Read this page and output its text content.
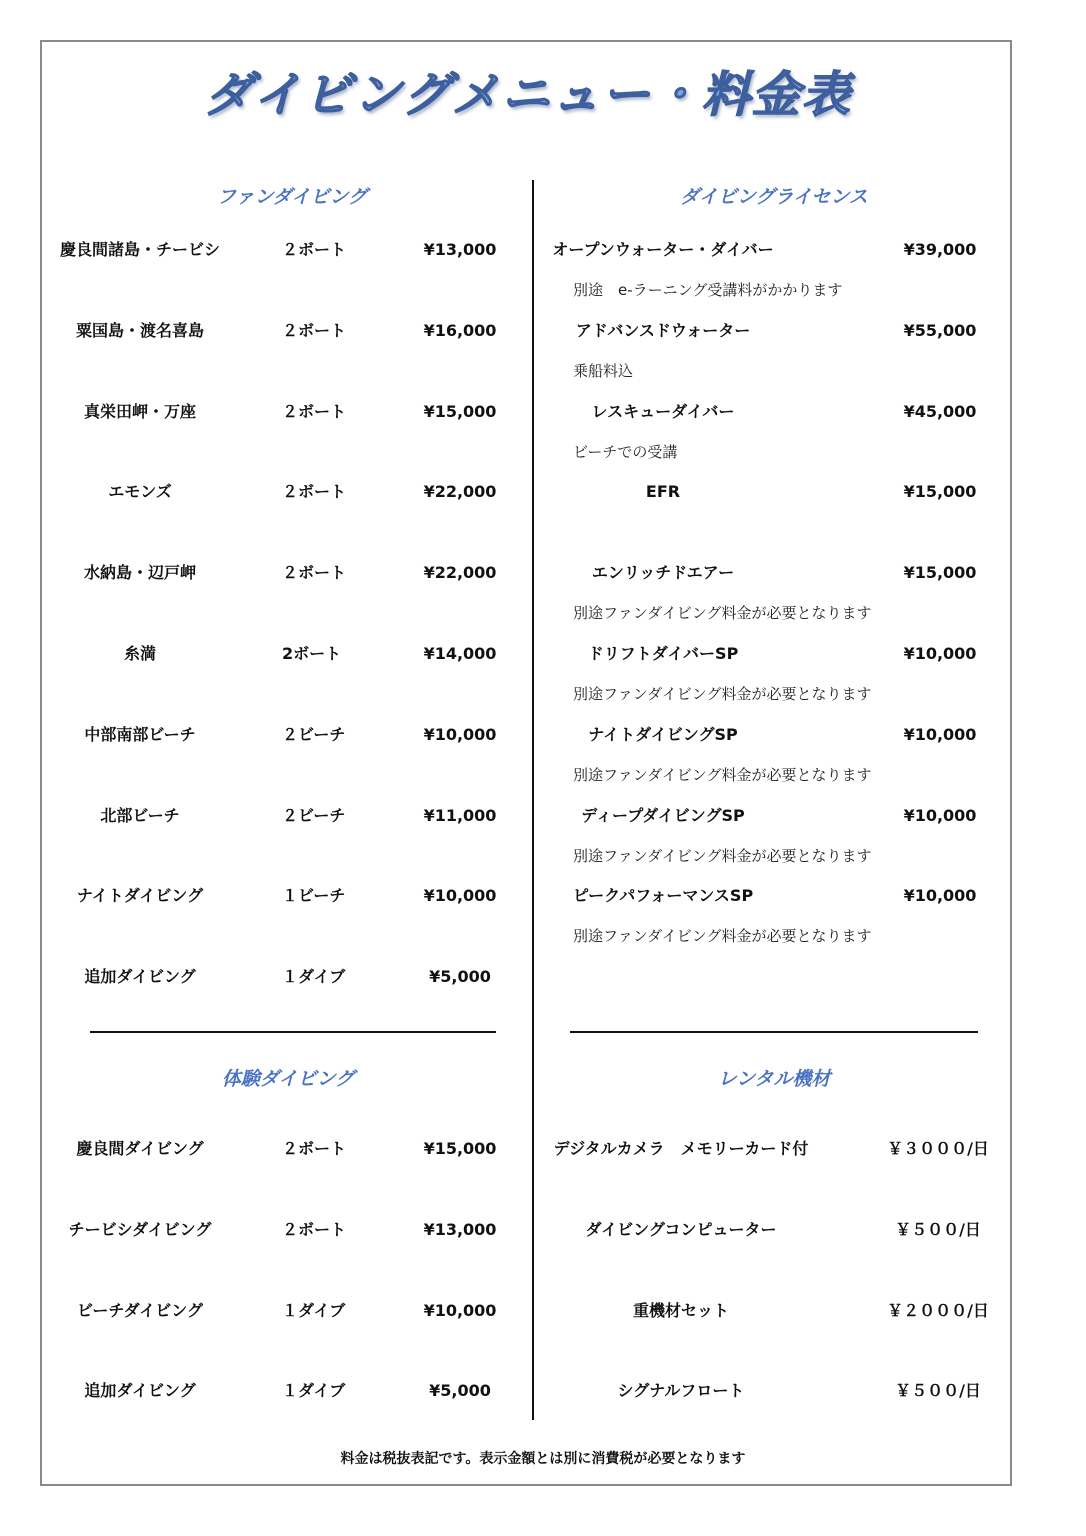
ダイビングメニュー・料金表
ファンダイビング
慶良間諸島・チービシ	２ボート	¥13,000
粟国島・渡名喜島	２ボート	¥16,000
真栄田岬・万座	２ボート	¥15,000
エモンズ	２ボート	¥22,000
水納島・辺戸岬	２ボート	¥22,000
糸満	2ボート	¥14,000
中部南部ビーチ	２ビーチ	¥10,000
北部ビーチ	２ビーチ	¥11,000
ナイトダイビング	１ビーチ	¥10,000
追加ダイビング	１ダイブ	¥5,000
ダイビングライセンス
オープンウォーター・ダイバー	¥39,000
別途　e-ラーニング受講料がかかります
アドバンスドウォーター	¥55,000
乗船料込
レスキューダイバー	¥45,000
ビーチでの受講
EFR	¥15,000
エンリッチドエアー	¥15,000
別途ファンダイビング料金が必要となります
ドリフトダイバーSP	¥10,000
別途ファンダイビング料金が必要となります
ナイトダイビングSP	¥10,000
別途ファンダイビング料金が必要となります
ディープダイビングSP	¥10,000
別途ファンダイビング料金が必要となります
ピークパフォーマンスSP	¥10,000
別途ファンダイビング料金が必要となります
体験ダイビング
慶良間ダイビング	２ボート	¥15,000
チービシダイビング	２ボート	¥13,000
ビーチダイビング	１ダイブ	¥10,000
追加ダイビング	１ダイブ	¥5,000
レンタル機材
デジタルカメラ　メモリーカード付	￥３０００/日
ダイビングコンピューター	￥５００/日
重機材セット	￥２０００/日
シグナルフロート	￥５００/日
料金は税抜表記です。表示金額とは別に消費税が必要となります
